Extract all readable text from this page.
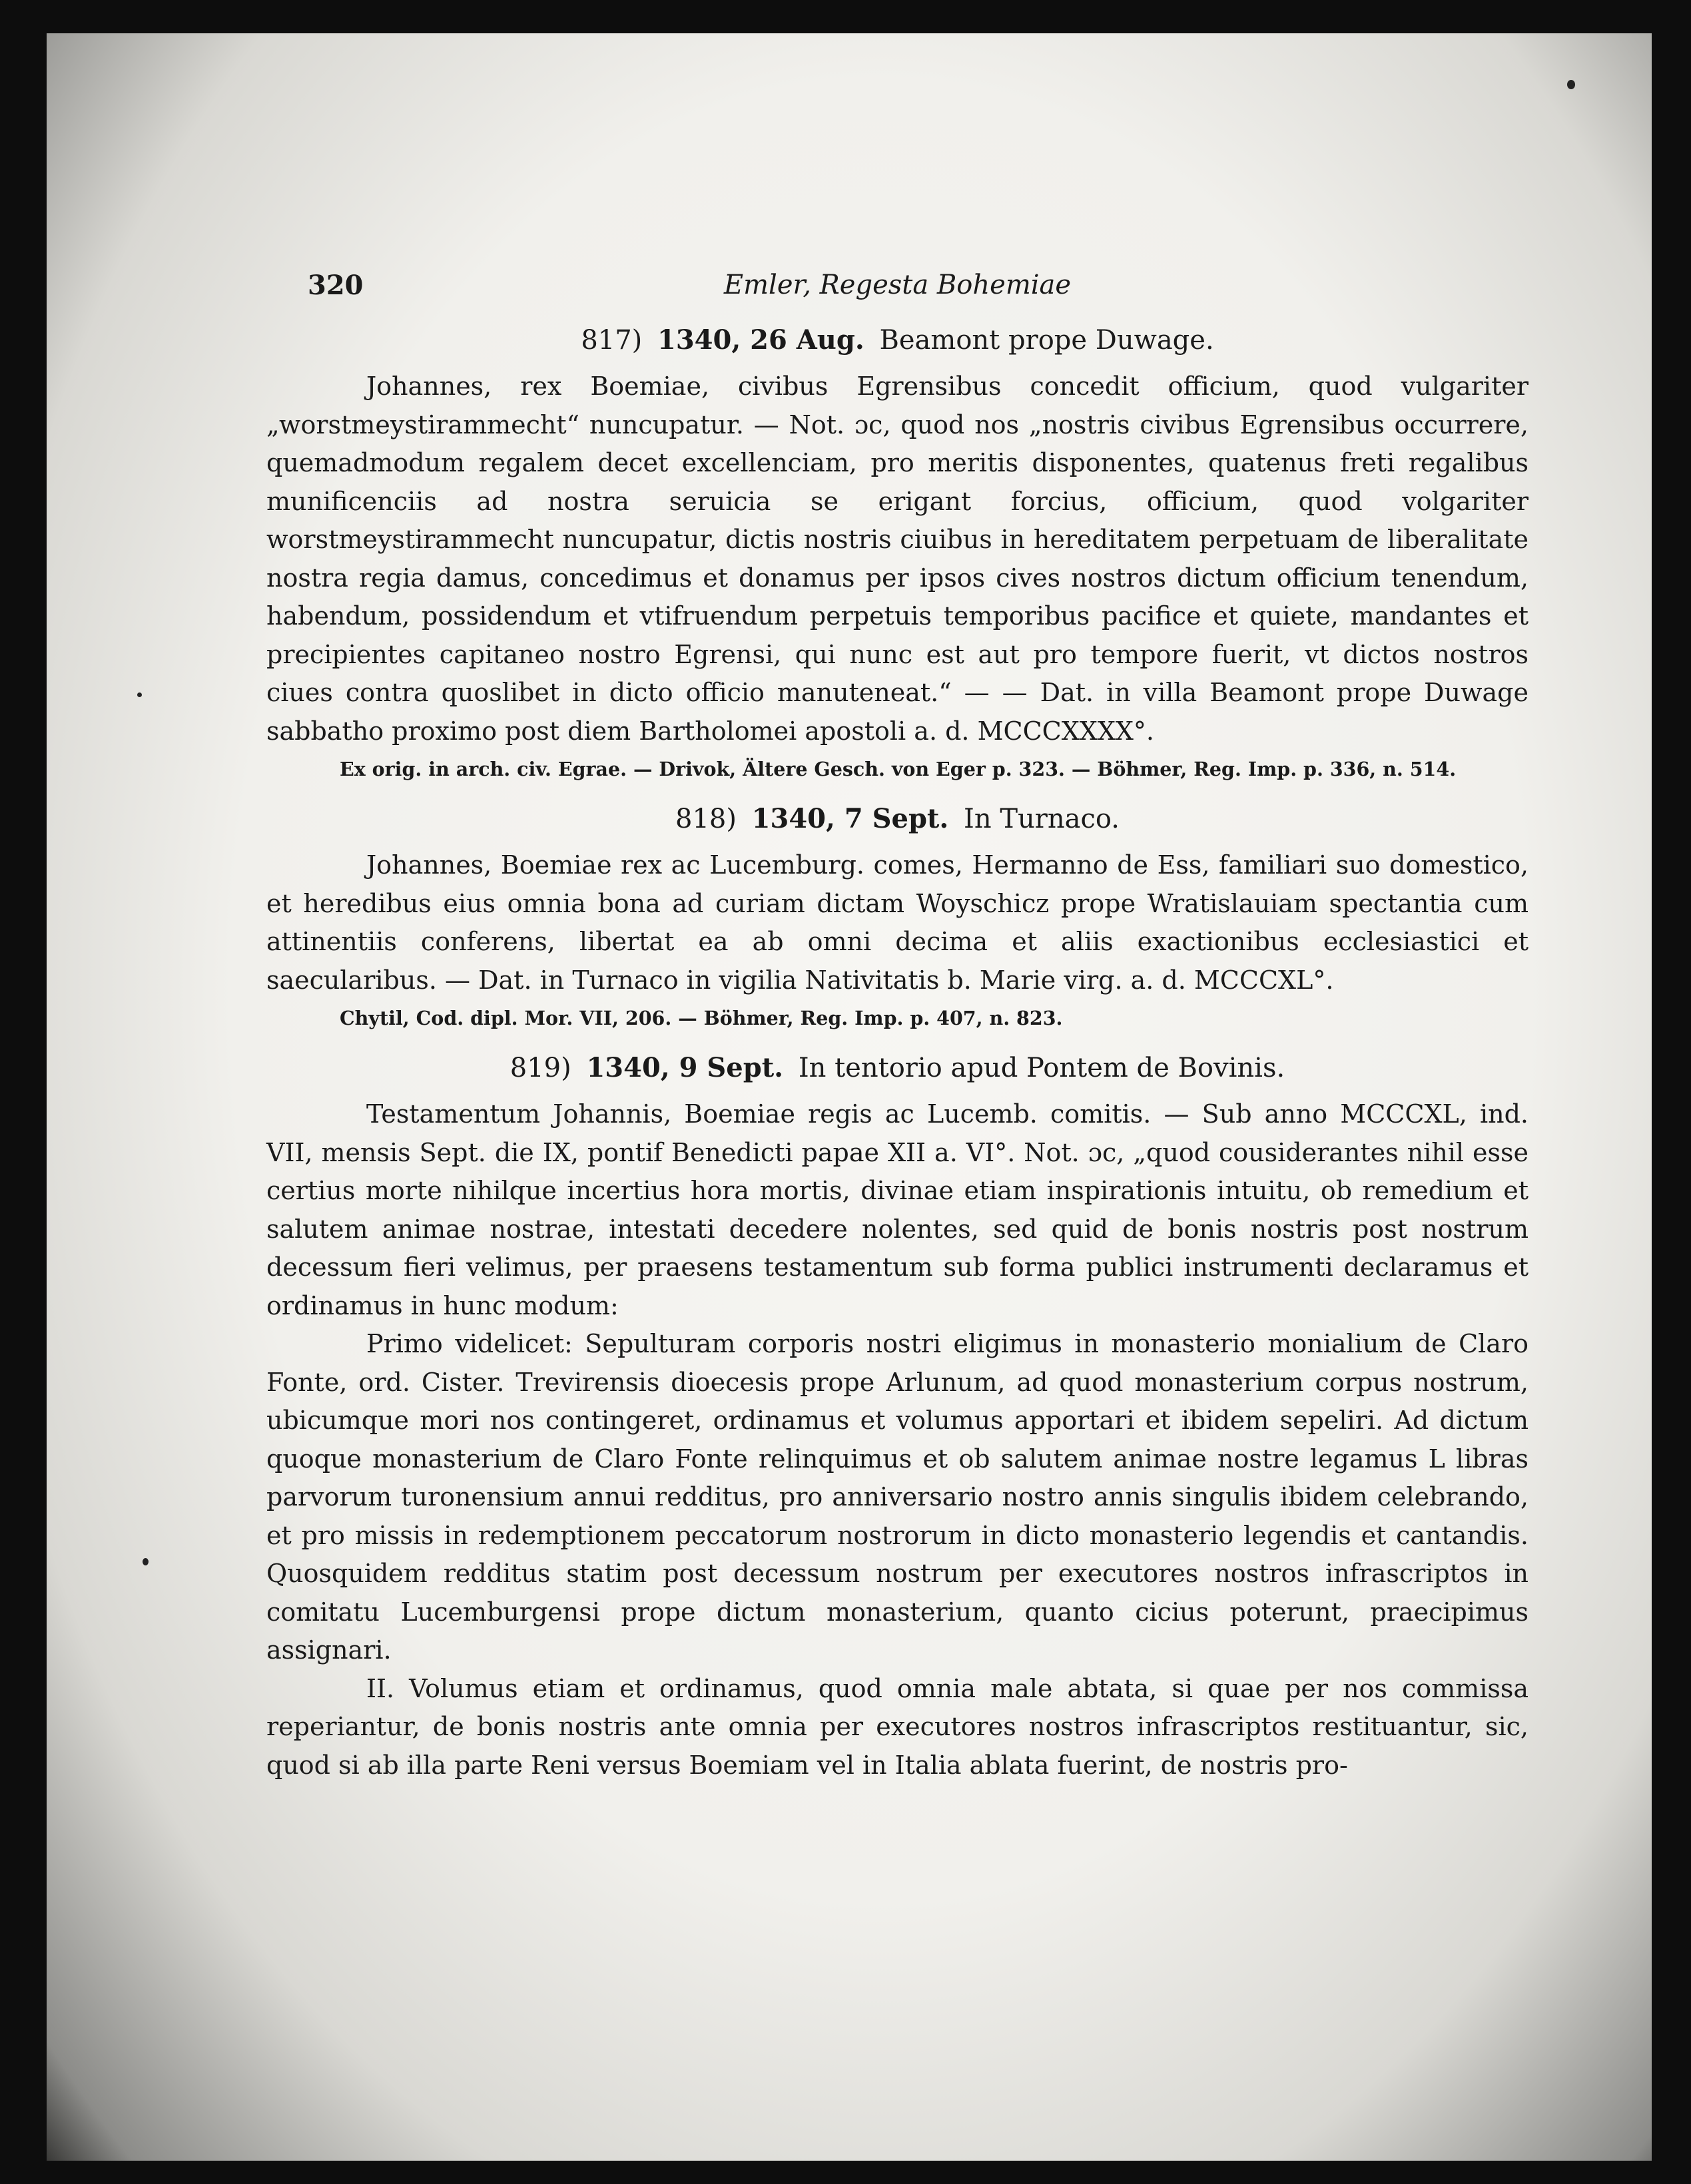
320	Emler, Regesta Bohemiae
817) 1340, 26 Aug. Beamont prope Duwage.

Johannes, rex Boemiae, civibus Egrensibus concedit officium, quod vulgariter „worstmeystirammecht“ nuncupatur. — Not. ɔc, quod nos „nostris civibus Egrensibus occurrere, quemadmodum regalem decet excellenciam, pro meritis disponentes, quatenus freti regalibus munificenciis ad nostra seruicia se erigant forcius, officium, quod volgariter worstmeystirammecht nuncupatur, dictis nostris ciuibus in hereditatem perpetuam de liberalitate nostra regia damus, concedimus et donamus per ipsos cives nostros dictum officium tenendum, habendum, possidendum et vtifruendum perpetuis temporibus pacifice et quiete, mandantes et precipientes capitaneo nostro Egrensi, qui nunc est aut pro tempore fuerit, vt dictos nostros ciues contra quoslibet in dicto officio manuteneat.“ — — Dat. in villa Beamont prope Duwage sabbatho proximo post diem Bartholomei apostoli a. d. MCCCXXXX°.

Ex orig. in arch. civ. Egrae. — Drivok, Ältere Gesch. von Eger p. 323. — Böhmer, Reg. Imp. p. 336, n. 514.

818) 1340, 7 Sept. In Turnaco.

Johannes, Boemiae rex ac Lucemburg. comes, Hermanno de Ess, familiari suo domestico, et heredibus eius omnia bona ad curiam dictam Woyschicz prope Wratislauiam spectantia cum attinentiis conferens, libertat ea ab omni decima et aliis exactionibus ecclesiastici et saecularibus. — Dat. in Turnaco in vigilia Nativitatis b. Marie virg. a. d. MCCCXL°.

Chytil, Cod. dipl. Mor. VII, 206. — Böhmer, Reg. Imp. p. 407, n. 823.

819) 1340, 9 Sept. In tentorio apud Pontem de Bovinis.

Testamentum Johannis, Boemiae regis ac Lucemb. comitis. — Sub anno MCCCXL, ind. VII, mensis Sept. die IX, pontif Benedicti papae XII a. VI°. Not. ɔc, „quod cousiderantes nihil esse certius morte nihilque incertius hora mortis, divinae etiam inspirationis intuitu, ob remedium et salutem animae nostrae, intestati decedere nolentes, sed quid de bonis nostris post nostrum decessum fieri velimus, per praesens testamentum sub forma publici instrumenti declaramus et ordinamus in hunc modum:

Primo videlicet: Sepulturam corporis nostri eligimus in monasterio monialium de Claro Fonte, ord. Cister. Trevirensis dioecesis prope Arlunum, ad quod monasterium corpus nostrum, ubicumque mori nos contingeret, ordinamus et volumus apportari et ibidem sepeliri. Ad dictum quoque monasterium de Claro Fonte relinquimus et ob salutem animae nostre legamus L libras parvorum turonensium annui redditus, pro anniversario nostro annis singulis ibidem celebrando, et pro missis in redemptionem peccatorum nostrorum in dicto monasterio legendis et cantandis. Quosquidem redditus statim post decessum nostrum per executores nostros infrascriptos in comitatu Lucemburgensi prope dictum monasterium, quanto cicius poterunt, praecipimus assignari.

II. Volumus etiam et ordinamus, quod omnia male abtata, si quae per nos commissa reperiantur, de bonis nostris ante omnia per executores nostros infrascriptos restituantur, sic, quod si ab illa parte Reni versus Boemiam vel in Italia ablata fuerint, de nostris pro-
